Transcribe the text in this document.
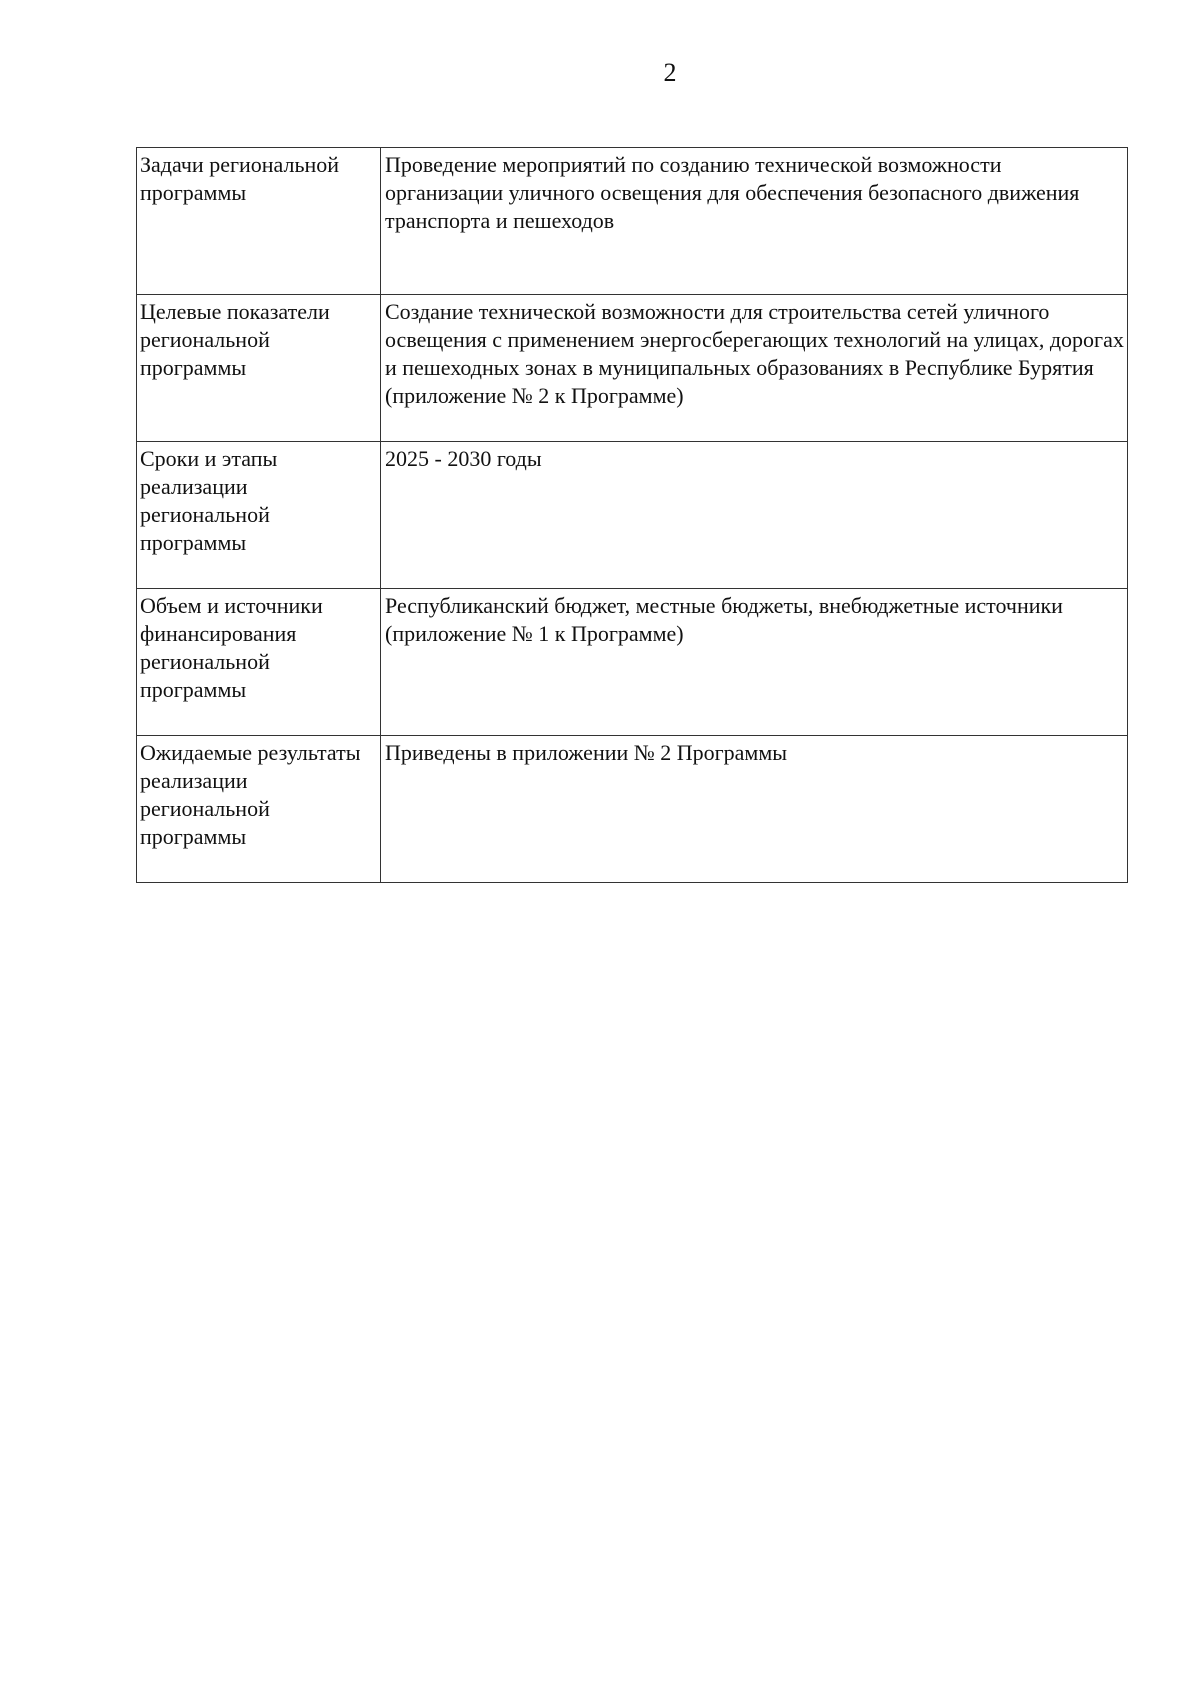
2
Задачи региональной программы	Проведение мероприятий по созданию технической возможности организации уличного освещения для обеспечения безопасного движения транспорта и пешеходов
Целевые показатели региональной программы	Создание технической возможности для строительства сетей уличного освещения с применением энергосберегающих технологий на улицах, дорогах и пешеходных зонах в муниципальных образованиях в Республике Бурятия (приложение № 2 к Программе)
Сроки и этапы реализации региональной программы	2025 - 2030 годы
Объем и источники финансирования региональной программы	Республиканский бюджет, местные бюджеты, внебюджетные источники (приложение № 1 к Программе)
Ожидаемые результаты реализации региональной программы	Приведены в приложении № 2 Программы
